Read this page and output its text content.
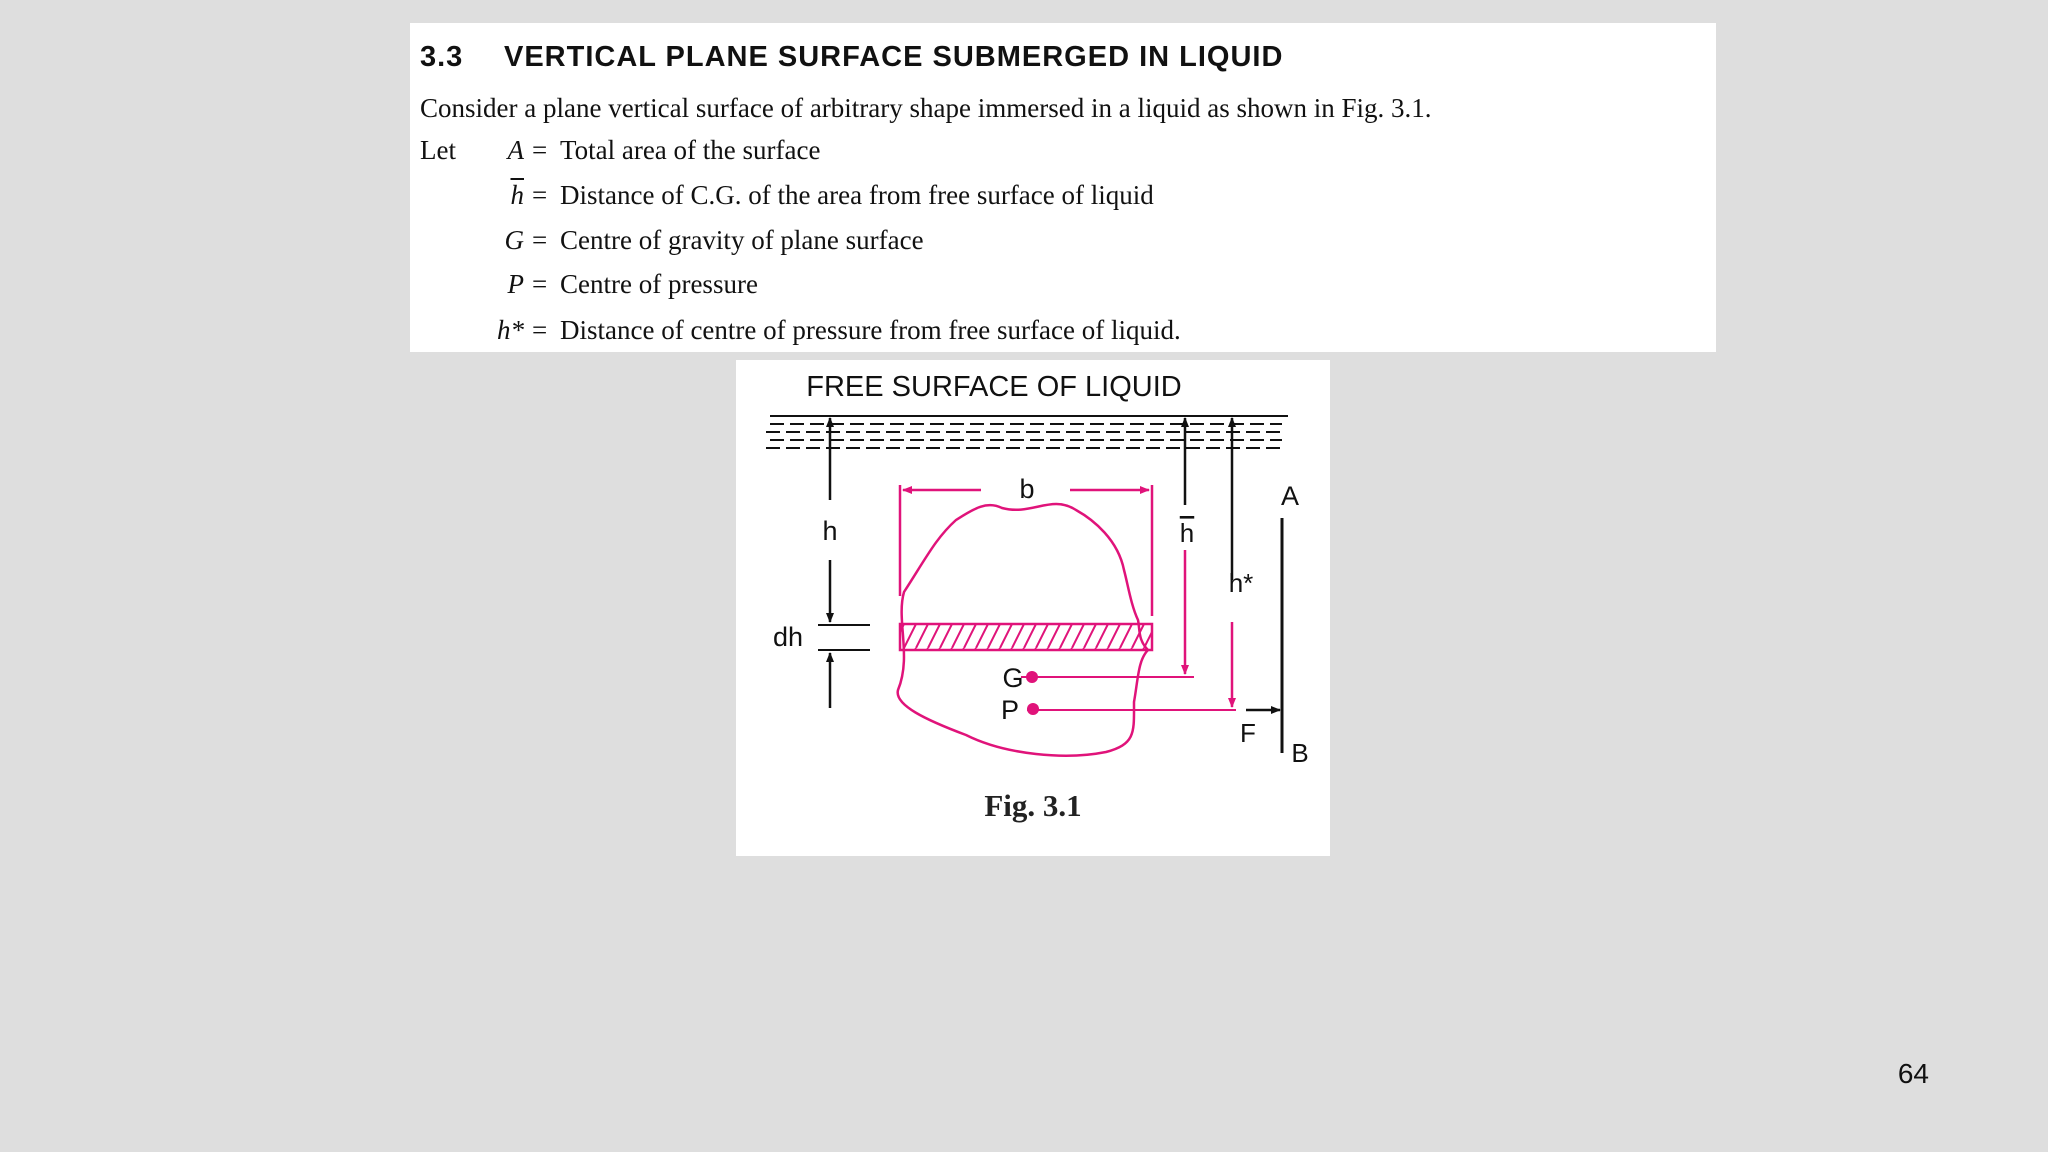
3.3 VERTICAL PLANE SURFACE SUBMERGED IN LIQUID

Consider a plane vertical surface of arbitrary shape immersed in a liquid as shown in Fig. 3.1.

Let	A = Total area of the surface
$\overline{h}$ = Distance of C.G. of the area from free surface of liquid
G = Centre of gravity of plane surface
P = Centre of pressure
h* = Distance of centre of pressure from free surface of liquid.
FREE SURFACE OF LIQUID
h
dh
b
h
h*
A
B
F
G
P

Fig. 3.1

64
